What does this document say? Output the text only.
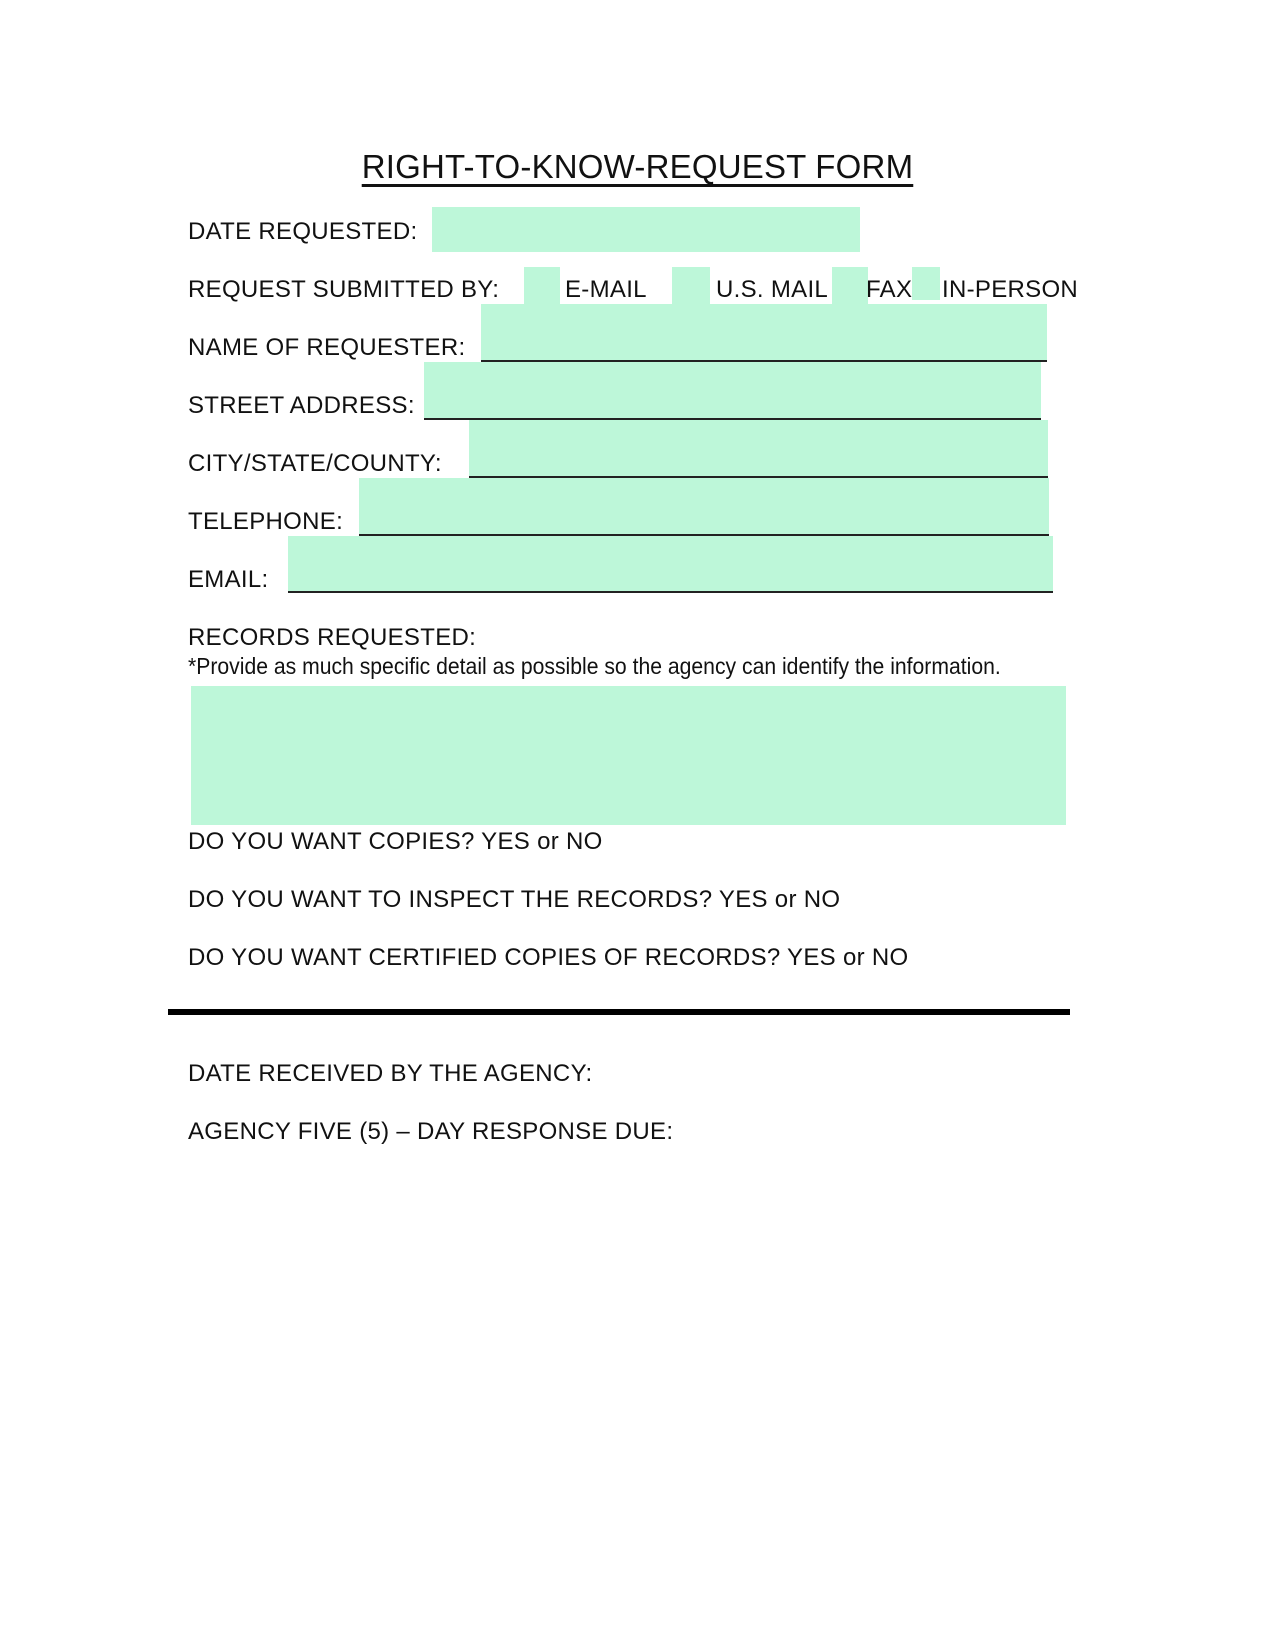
RIGHT-TO-KNOW-REQUEST FORM
DATE REQUESTED:
REQUEST SUBMITTED BY:	E-MAIL	U.S. MAIL FAX IN-PERSON
NAME OF REQUESTER:
STREET ADDRESS:
CITY/STATE/COUNTY:
TELEPHONE:
EMAIL:
RECORDS REQUESTED:
*Provide as much specific detail as possible so the agency can identify the information.
DO YOU WANT COPIES? YES or NO
DO YOU WANT TO INSPECT THE RECORDS? YES or NO
DO YOU WANT CERTIFIED COPIES OF RECORDS? YES or NO
DATE RECEIVED BY THE AGENCY:
AGENCY FIVE (5) – DAY RESPONSE DUE:
